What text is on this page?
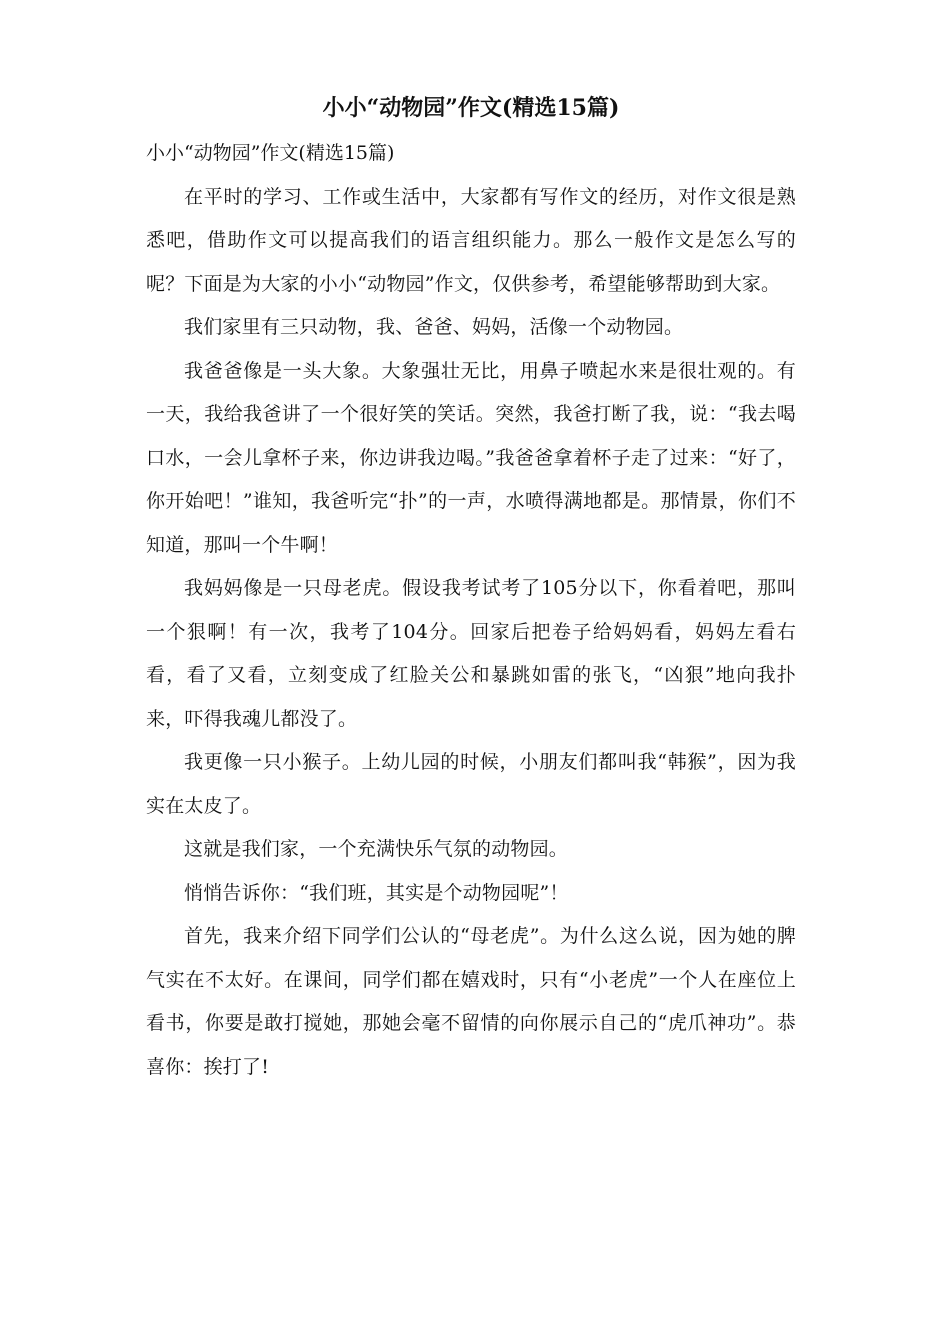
小小“动物园”作文(精选15篇)

小小“动物园”作文(精选15篇)

在平时的学习、工作或生活中，大家都有写作文的经历，对作文很是熟悉吧，借助作文可以提高我们的语言组织能力。那么一般作文是怎么写的呢？下面是为大家的小小“动物园”作文，仅供参考，希望能够帮助到大家。

我们家里有三只动物，我、爸爸、妈妈，活像一个动物园。

我爸爸像是一头大象。大象强壮无比，用鼻子喷起水来是很壮观的。有一天，我给我爸讲了一个很好笑的笑话。突然，我爸打断了我，说：“我去喝口水，一会儿拿杯子来，你边讲我边喝。”我爸爸拿着杯子走了过来：“好了，你开始吧！”谁知，我爸听完“扑”的一声，水喷得满地都是。那情景，你们不知道，那叫一个牛啊！

我妈妈像是一只母老虎。假设我考试考了105分以下，你看着吧，那叫一个狠啊！有一次，我考了104分。回家后把卷子给妈妈看，妈妈左看右看，看了又看，立刻变成了红脸关公和暴跳如雷的张飞，“凶狠”地向我扑来，吓得我魂儿都没了。

我更像一只小猴子。上幼儿园的时候，小朋友们都叫我“韩猴”，因为我实在太皮了。

这就是我们家，一个充满快乐气氛的动物园。

悄悄告诉你：“我们班，其实是个动物园呢”！

首先，我来介绍下同学们公认的“母老虎”。为什么这么说，因为她的脾气实在不太好。在课间，同学们都在嬉戏时，只有“小老虎”一个人在座位上看书，你要是敢打搅她，那她会毫不留情的向你展示自己的“虎爪神功”。恭喜你：挨打了!
